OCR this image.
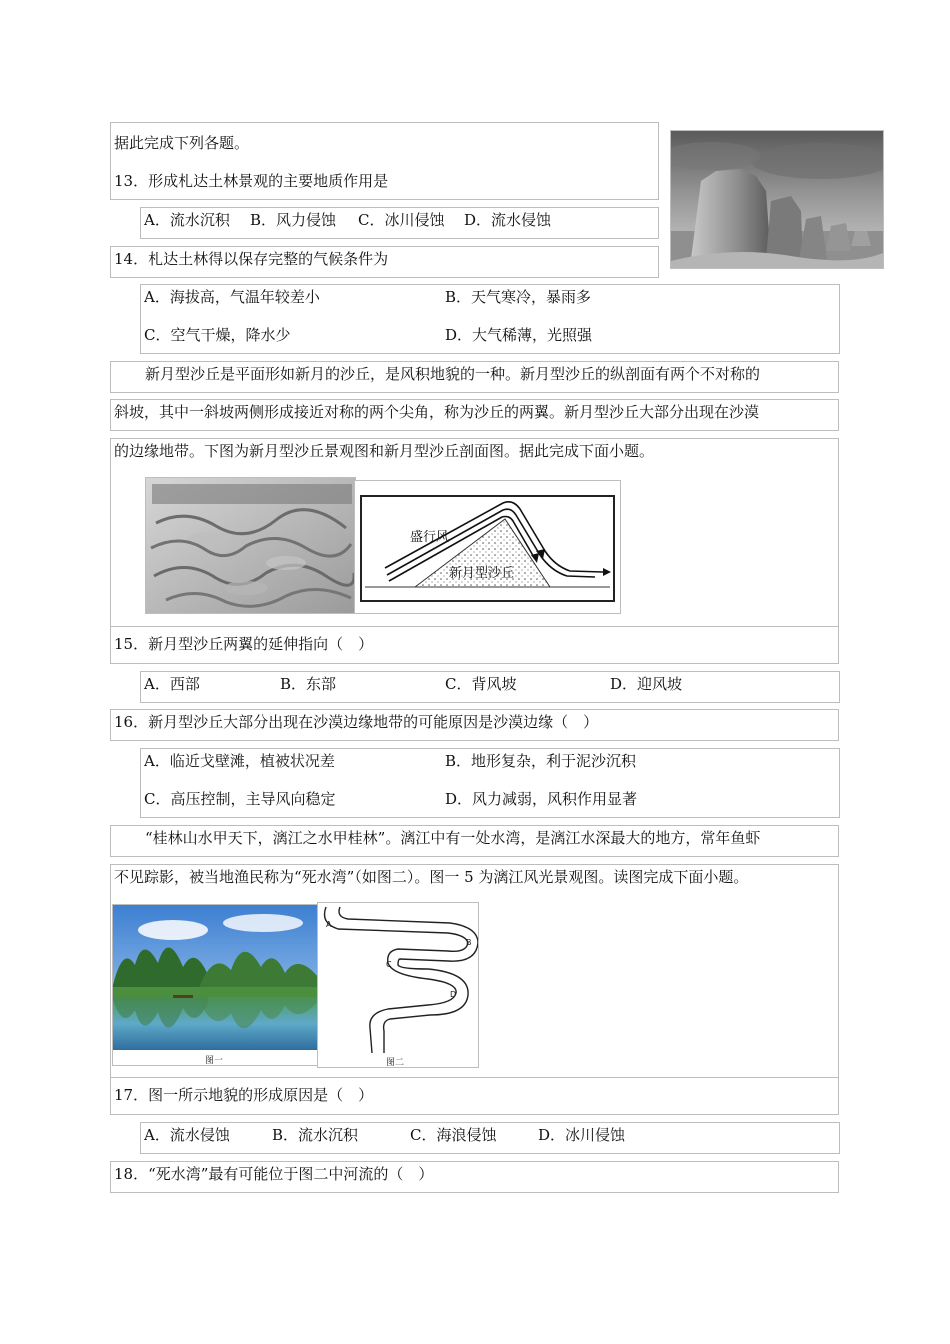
据此完成下列各题。
13．形成札达土林景观的主要地质作用是
A．流水沉积 B．风力侵蚀 C．冰川侵蚀 D．流水侵蚀
14．札达土林得以保存完整的气候条件为
A．海拔高，气温年较差小	B．天气寒冷，暴雨多
C．空气干燥，降水少	D．大气稀薄，光照强
新月型沙丘是平面形如新月的沙丘，是风积地貌的一种。新月型沙丘的纵剖面有两个不对称的
斜坡，其中一斜坡两侧形成接近对称的两个尖角，称为沙丘的两翼。新月型沙丘大部分出现在沙漠
的边缘地带。下图为新月型沙丘景观图和新月型沙丘剖面图。据此完成下面小题。
盛行风
新月型沙丘
15．新月型沙丘两翼的延伸指向（　）
A．西部	B．东部	C．背风坡	D．迎风坡
16．新月型沙丘大部分出现在沙漠边缘地带的可能原因是沙漠边缘（　）
A．临近戈壁滩，植被状况差	B．地形复杂，利于泥沙沉积
C．高压控制，主导风向稳定	D．风力减弱，风积作用显著
“桂林山水甲天下，漓江之水甲桂林”。漓江中有一处水湾，是漓江水深最大的地方，常年鱼虾
不见踪影，被当地渔民称为“死水湾”（如图二）。图一 5 为漓江风光景观图。读图完成下面小题。
图一
A
B
C
D
图二
17．图一所示地貌的形成原因是（　）
A．流水侵蚀	B．流水沉积	C．海浪侵蚀	D．冰川侵蚀
18．“死水湾”最有可能位于图二中河流的（　）
